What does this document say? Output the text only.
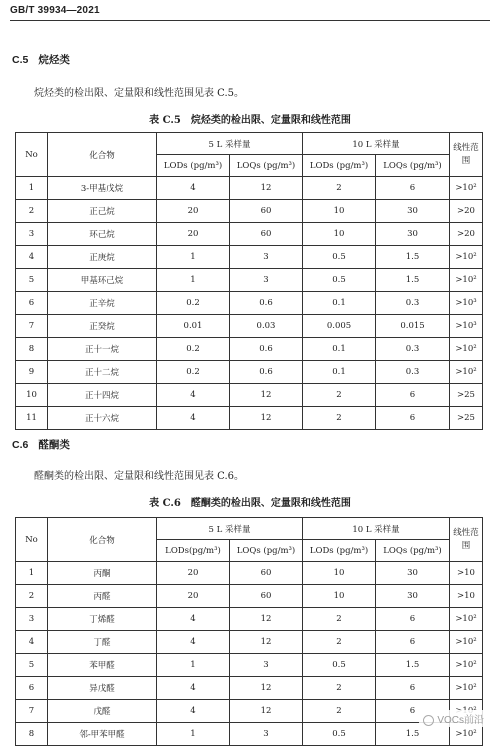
GB/T 39934—2021
C.5 烷烃类
烷烃类的检出限、定量限和线性范围见表 C.5。
表 C.5　烷烃类的检出限、定量限和线性范围
No	化合物	5 L 采样量		10 L 采样量		线性范围
		LODs (pg/m³)	LOQs (pg/m³)	LODs (pg/m³)	LOQs (pg/m³)	
1	3-甲基戊烷	4	12	2	6	>10²
2	正己烷	20	60	10	30	>20
3	环己烷	20	60	10	30	>20
4	正庚烷	1	3	0.5	1.5	>10²
5	甲基环己烷	1	3	0.5	1.5	>10²
6	正辛烷	0.2	0.6	0.1	0.3	>10³
7	正癸烷	0.01	0.03	0.005	0.015	>10³
8	正十一烷	0.2	0.6	0.1	0.3	>10²
9	正十二烷	0.2	0.6	0.1	0.3	>10²
10	正十四烷	4	12	2	6	>25
11	正十六烷	4	12	2	6	>25
C.6 醛酮类
醛酮类的检出限、定量限和线性范围见表 C.6。
表 C.6　醛酮类的检出限、定量限和线性范围
No	化合物	5 L 采样量		10 L 采样量		线性范围
		LODs(pg/m³)	LOQs (pg/m³)	LODs (pg/m³)	LOQs (pg/m³)	
1	丙酮	20	60	10	30	>10
2	丙醛	20	60	10	30	>10
3	丁烯醛	4	12	2	6	>10²
4	丁醛	4	12	2	6	>10²
5	苯甲醛	1	3	0.5	1.5	>10²
6	异戊醛	4	12	2	6	>10²
7	戊醛	4	12	2	6	
8	邻-甲苯甲醛	1	3	0.5	1.5	>10²
VOCs前沿
